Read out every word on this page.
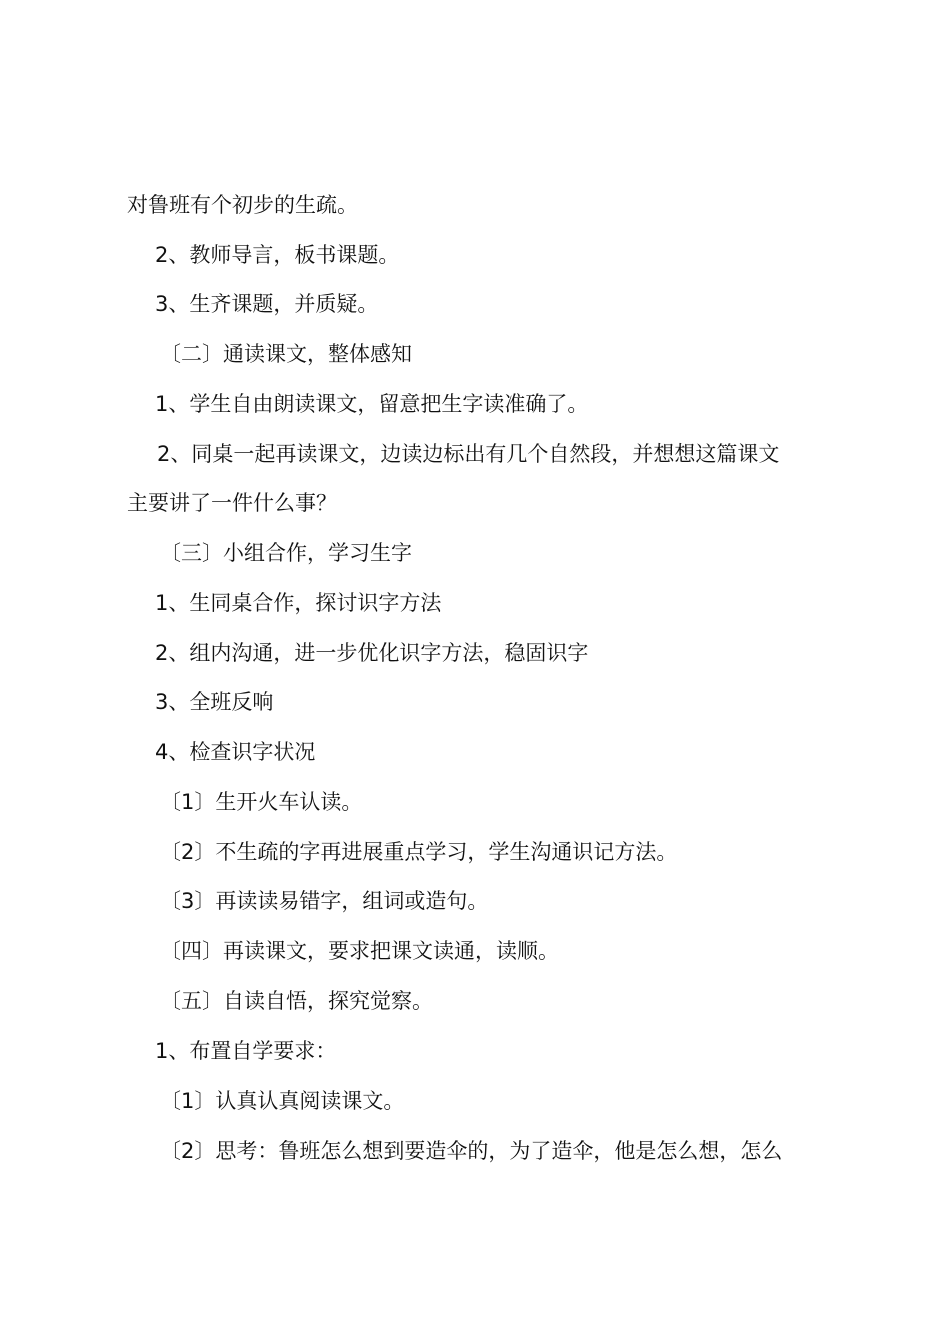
对鲁班有个初步的生疏。
2、教师导言，板书课题。
3、生齐课题，并质疑。
〔二〕通读课文，整体感知
1、学生自由朗读课文，留意把生字读准确了。
2、同桌一起再读课文，边读边标出有几个自然段，并想想这篇课文
主要讲了一件什么事？
〔三〕小组合作，学习生字
1、生同桌合作，探讨识字方法
2、组内沟通，进一步优化识字方法，稳固识字
3、全班反响
4、检查识字状况
〔1〕生开火车认读。
〔2〕不生疏的字再进展重点学习，学生沟通识记方法。
〔3〕再读读易错字，组词或造句。
〔四〕再读课文，要求把课文读通，读顺。
〔五〕自读自悟，探究觉察。
1、布置自学要求：
〔1〕认真认真阅读课文。
〔2〕思考：鲁班怎么想到要造伞的，为了造伞，他是怎么想，怎么
